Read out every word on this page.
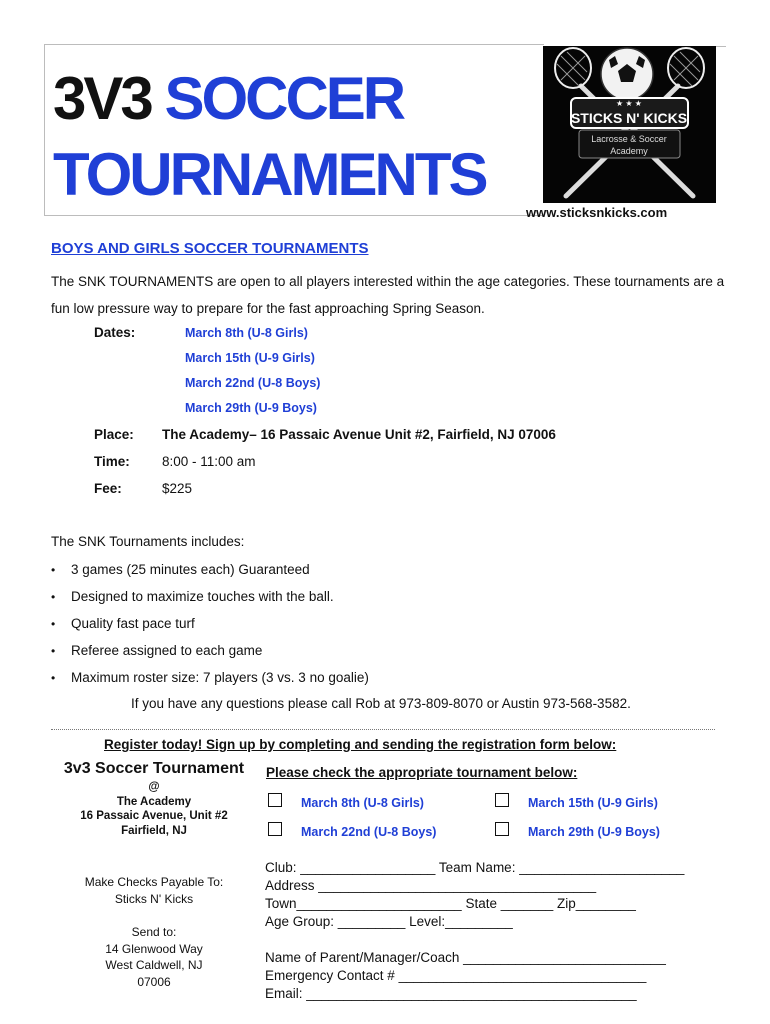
3V3 SOCCER
TOURNAMENTS
★ ★ ★
STICKS N' KICKS
Lacrosse & Soccer
Academy
www.sticksnkicks.com
BOYS AND GIRLS SOCCER TOURNAMENTS
The SNK TOURNAMENTS are open to all players interested within the age categories. These tournaments are a fun low pressure way to prepare for the fast approaching Spring Season.
Dates:	March 8th (U-8 Girls)
March 15th (U-9 Girls)
March 22nd (U-8 Boys)
March 29th (U-9 Boys)
Place: The Academy– 16 Passaic Avenue Unit #2, Fairfield, NJ 07006
Time: 8:00 - 11:00 am
Fee:	$225
The SNK Tournaments includes:
• 3 games (25 minutes each) Guaranteed
• Designed to maximize touches with the ball.
• Quality fast pace turf
• Referee assigned to each game
• Maximum roster size: 7 players (3 vs. 3 no goalie)
If you have any questions please call Rob at 973-809-8070 or Austin 973-568-3582.
Register today! Sign up by completing and sending the registration form below:
3v3 Soccer Tournament
@
The Academy
16 Passaic Avenue, Unit #2
Fairfield, NJ
Make Checks Payable To:
Sticks N' Kicks
Send to:
14 Glenwood Way
West Caldwell, NJ
07006
Please check the appropriate tournament below:
March 8th (U-8 Girls)	March 15th (U-9 Girls)
March 22nd (U-8 Boys)	March 29th (U-9 Boys)
Club: __________________ Team Name: ______________________
Address _____________________________________
Town______________________ State _______ Zip________
Age Group: _________ Level:_________
Name of Parent/Manager/Coach ___________________________
Emergency Contact # _________________________________
Email: ____________________________________________
